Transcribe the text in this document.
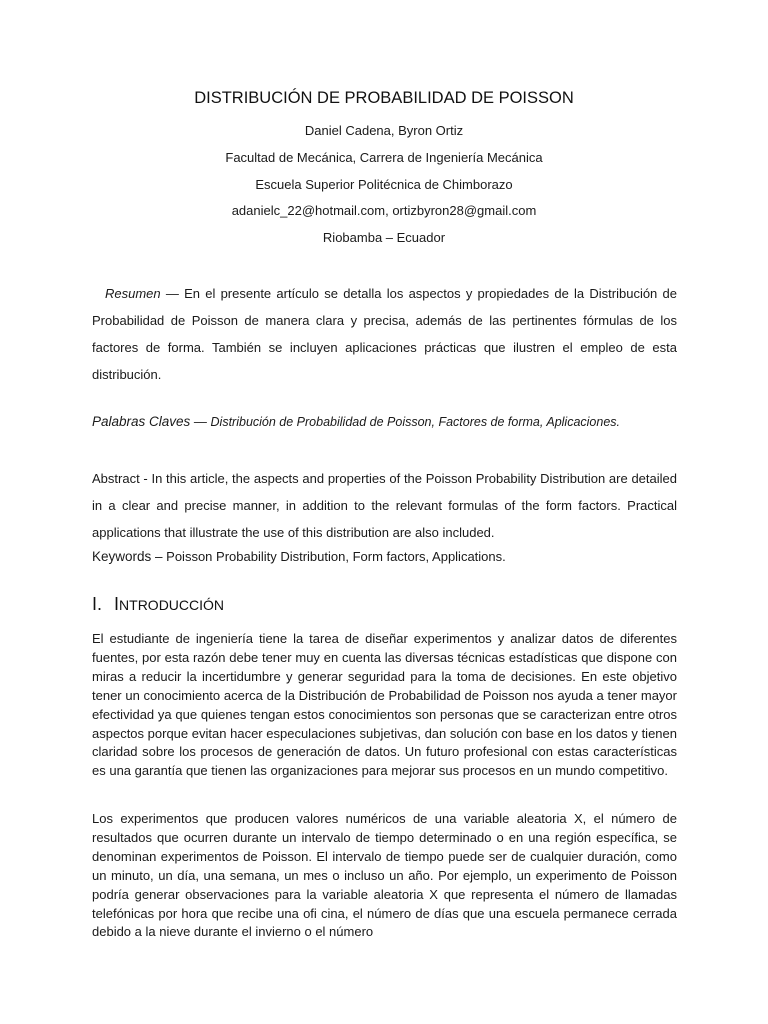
DISTRIBUCIÓN DE PROBABILIDAD DE POISSON
Daniel Cadena, Byron Ortiz
Facultad de Mecánica, Carrera de Ingeniería Mecánica
Escuela Superior Politécnica de Chimborazo
adanielc_22@hotmail.com, ortizbyron28@gmail.com
Riobamba – Ecuador
Resumen — En el presente artículo se detalla los aspectos y propiedades de la Distribución de Probabilidad de Poisson de manera clara y precisa, además de las pertinentes fórmulas de los factores de forma. También se incluyen aplicaciones prácticas que ilustren el empleo de esta distribución.
Palabras Claves — Distribución de Probabilidad de Poisson, Factores de forma, Aplicaciones.
Abstract - In this article, the aspects and properties of the Poisson Probability Distribution are detailed in a clear and precise manner, in addition to the relevant formulas of the form factors. Practical applications that illustrate the use of this distribution are also included.
Keywords – Poisson Probability Distribution, Form factors, Applications.
I. INTRODUCCIÓN
El estudiante de ingeniería tiene la tarea de diseñar experimentos y analizar datos de diferentes fuentes, por esta razón debe tener muy en cuenta las diversas técnicas estadísticas que dispone con miras a reducir la incertidumbre y generar seguridad para la toma de decisiones. En este objetivo tener un conocimiento acerca de la Distribución de Probabilidad de Poisson nos ayuda a tener mayor efectividad ya que quienes tengan estos conocimientos son personas que se caracterizan entre otros aspectos porque evitan hacer especulaciones subjetivas, dan solución con base en los datos y tienen claridad sobre los procesos de generación de datos. Un futuro profesional con estas características es una garantía que tienen las organizaciones para mejorar sus procesos en un mundo competitivo.
Los experimentos que producen valores numéricos de una variable aleatoria X, el número de resultados que ocurren durante un intervalo de tiempo determinado o en una región específica, se denominan experimentos de Poisson. El intervalo de tiempo puede ser de cualquier duración, como un minuto, un día, una semana, un mes o incluso un año. Por ejemplo, un experimento de Poisson podría generar observaciones para la variable aleatoria X que representa el número de llamadas telefónicas por hora que recibe una ofi cina, el número de días que una escuela permanece cerrada debido a la nieve durante el invierno o el número
